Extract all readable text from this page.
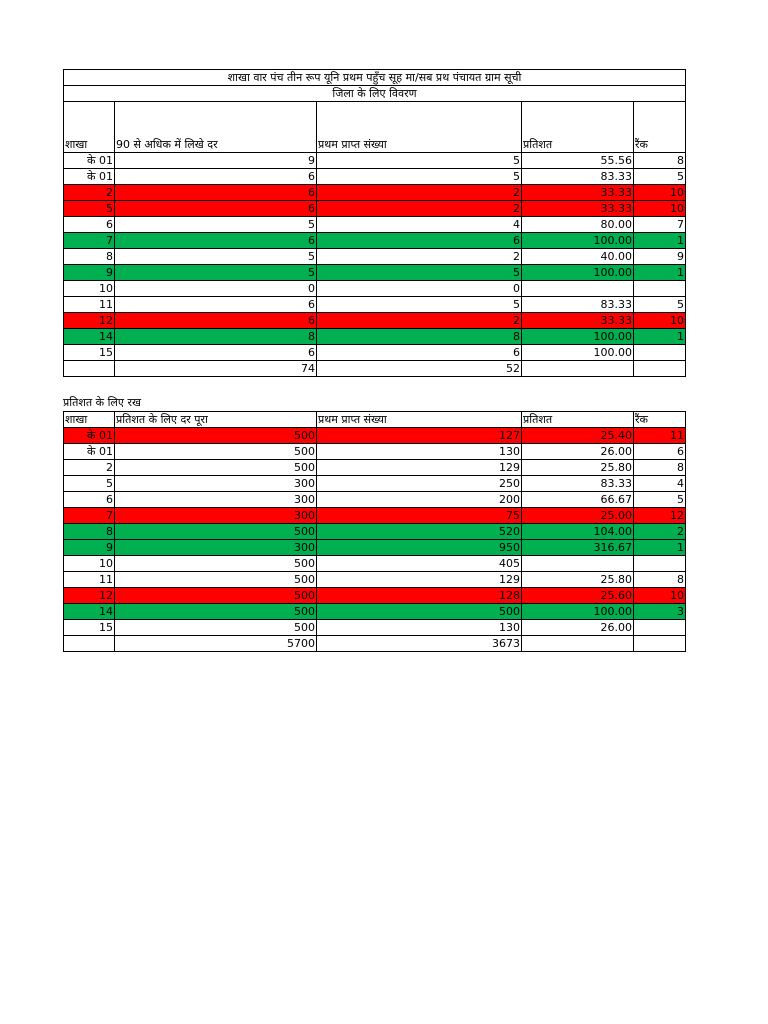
शाखा वार पंच तीन रूप यूनि प्रथम पहुँच सूह मा/सब प्रथ पंचायत ग्राम सूची				
जिला के लिए विवरण				
शाखा	90 से अधिक में लिखे दर	प्रथम प्राप्त संख्या	प्रतिशत	रैंक
के 01	9	5	55.56	8
के 01	6	5	83.33	5
2	6	2	33.33	10
5	6	2	33.33	10
6	5	4	80.00	7
7	6	6	100.00	1
8	5	2	40.00	9
9	5	5	100.00	1
10	0	0		
11	6	5	83.33	5
12	6	2	33.33	10
14	8	8	100.00	1
15	6	6	100.00	
	74	52		
प्रतिशत के लिए रख
शाखा	प्रतिशत के लिए दर पूरा	प्रथम प्राप्त संख्या	प्रतिशत	रैंक
के 01	500	127	25.40	11
के 01	500	130	26.00	6
2	500	129	25.80	8
5	300	250	83.33	4
6	300	200	66.67	5
7	300	75	25.00	12
8	500	520	104.00	2
9	300	950	316.67	1
10	500	405		
11	500	129	25.80	8
12	500	128	25.60	10
14	500	500	100.00	3
15	500	130	26.00	
	5700	3673		
